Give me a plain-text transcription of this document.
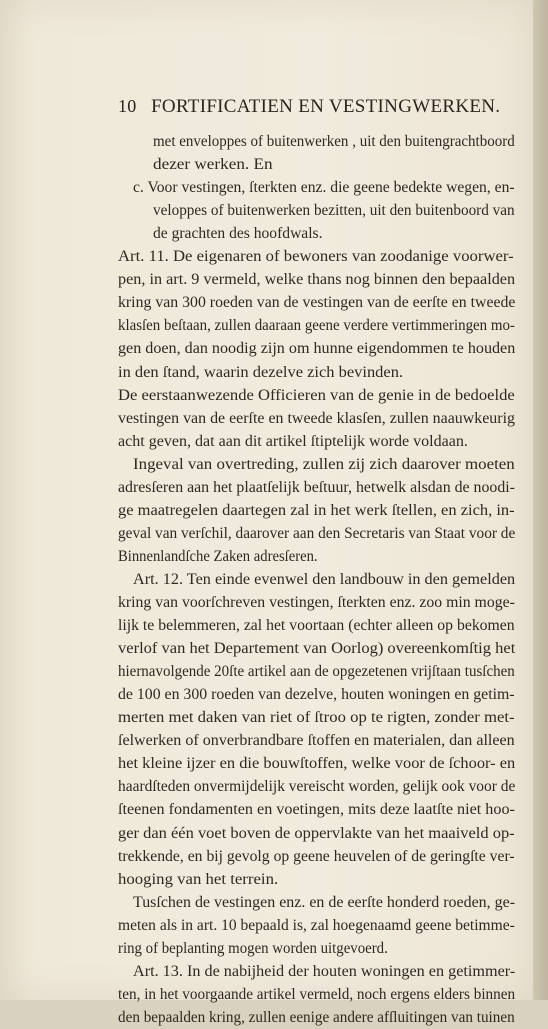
10 FORTIFICATIEN EN VESTINGWERKEN.
met enveloppes of buitenwerken , uit den buitengrachtboord
dezer werken. En
c. Voor vestingen, ſterkten enz. die geene bedekte wegen, en-
veloppes of buitenwerken bezitten, uit den buitenboord van
de grachten des hoofdwals.
Art. 11. De eigenaren of bewoners van zoodanige voorwer-
pen, in art. 9 vermeld, welke thans nog binnen den bepaalden
kring van 300 roeden van de vestingen van de eerſte en tweede
klasſen beſtaan, zullen daaraan geene verdere vertimmeringen mo-
gen doen, dan noodig zijn om hunne eigendommen te houden
in den ſtand, waarin dezelve zich bevinden.
De eerstaanwezende Officieren van de genie in de bedoelde
vestingen van de eerſte en tweede klasſen, zullen naauwkeurig
acht geven, dat aan dit artikel ſtiptelijk worde voldaan.
Ingeval van overtreding, zullen zij zich daarover moeten
adresſeren aan het plaatſelijk beſtuur, hetwelk alsdan de noodi-
ge maatregelen daartegen zal in het werk ſtellen, en zich, in-
geval van verſchil, daarover aan den Secretaris van Staat voor de
Binnenlandſche Zaken adresſeren.
Art. 12. Ten einde evenwel den landbouw in den gemelden
kring van voorſchreven vestingen, ſterkten enz. zoo min moge-
lijk te belemmeren, zal het voortaan (echter alleen op bekomen
verlof van het Departement van Oorlog) overeenkomſtig het
hiernavolgende 20ſte artikel aan de opgezetenen vrijſtaan tusſchen
de 100 en 300 roeden van dezelve, houten woningen en getim-
merten met daken van riet of ſtroo op te rigten, zonder met-
ſelwerken of onverbrandbare ſtoffen en materialen, dan alleen
het kleine ijzer en die bouwſtoffen, welke voor de ſchoor- en
haardſteden onvermijdelijk vereischt worden, gelijk ook voor de
ſteenen fondamenten en voetingen, mits deze laatſte niet hoo-
ger dan één voet boven de oppervlakte van het maaiveld op-
trekkende, en bij gevolg op geene heuvelen of de geringſte ver-
hooging van het terrein.
Tusſchen de vestingen enz. en de eerſte honderd roeden, ge-
meten als in art. 10 bepaald is, zal hoegenaamd geene betimme-
ring of beplanting mogen worden uitgevoerd.
Art. 13. In de nabijheid der houten woningen en getimmer-
ten, in het voorgaande artikel vermeld, noch ergens elders binnen
den bepaalden kring, zullen eenige andere afſluitingen van tuinen
